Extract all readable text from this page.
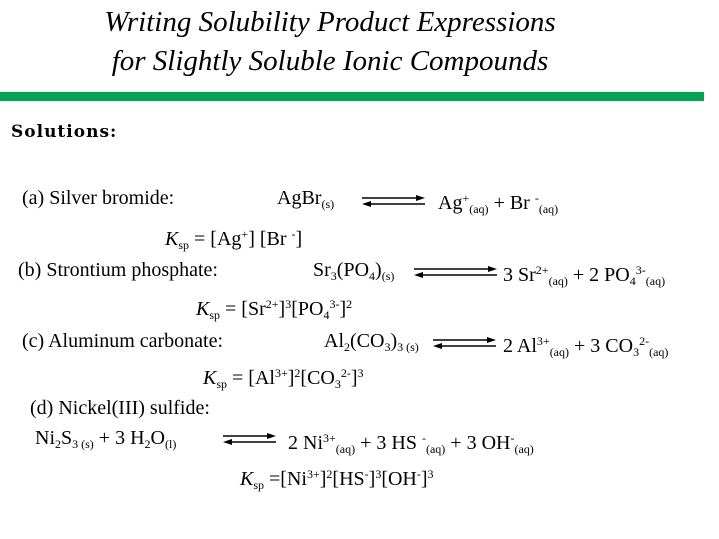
Writing Solubility Product Expressions
for Slightly Soluble Ionic Compounds
Solutions:
(a) Silver bromide:	AgBr$_{(s)}$ ⇌ $Ag^+_{(aq)} + Br$ -$_{(aq)}$
$K_{sp} = [Ag^+]$ [Br -]
(b) Strontium phosphate:	$Sr_3(PO_4)_{(s)}$	3 $Sr^{2+}_{(aq)} + 2$ $PO_4^{3-}_{(aq)}$
$K_{sp} = [Sr^{2+}]^3[PO_4^{3-}]^2$
(c) Aluminum carbonate:	$Al_2(CO_3)_{3 (s)}$ ⇌ 2 $Al^{3+}_{(aq)} + 3$ $CO_3^{2-}_{(aq)}$
$K_{sp} = [Al^{3+}]^2[CO_3^{2-}]^3$
(d) Nickel(III) sulfide:
$Ni_2S_{3 (s)} + 3$ $H_2O_{(l)}$	⇌ 2 $Ni^{3+}_{(aq)} + 3$ HS -$_{(aq)}$ + 3 $OH^-_{(aq)}$
$K_{sp} =[Ni^{3+}]^2[HS^-]^3[OH^-]^3$
